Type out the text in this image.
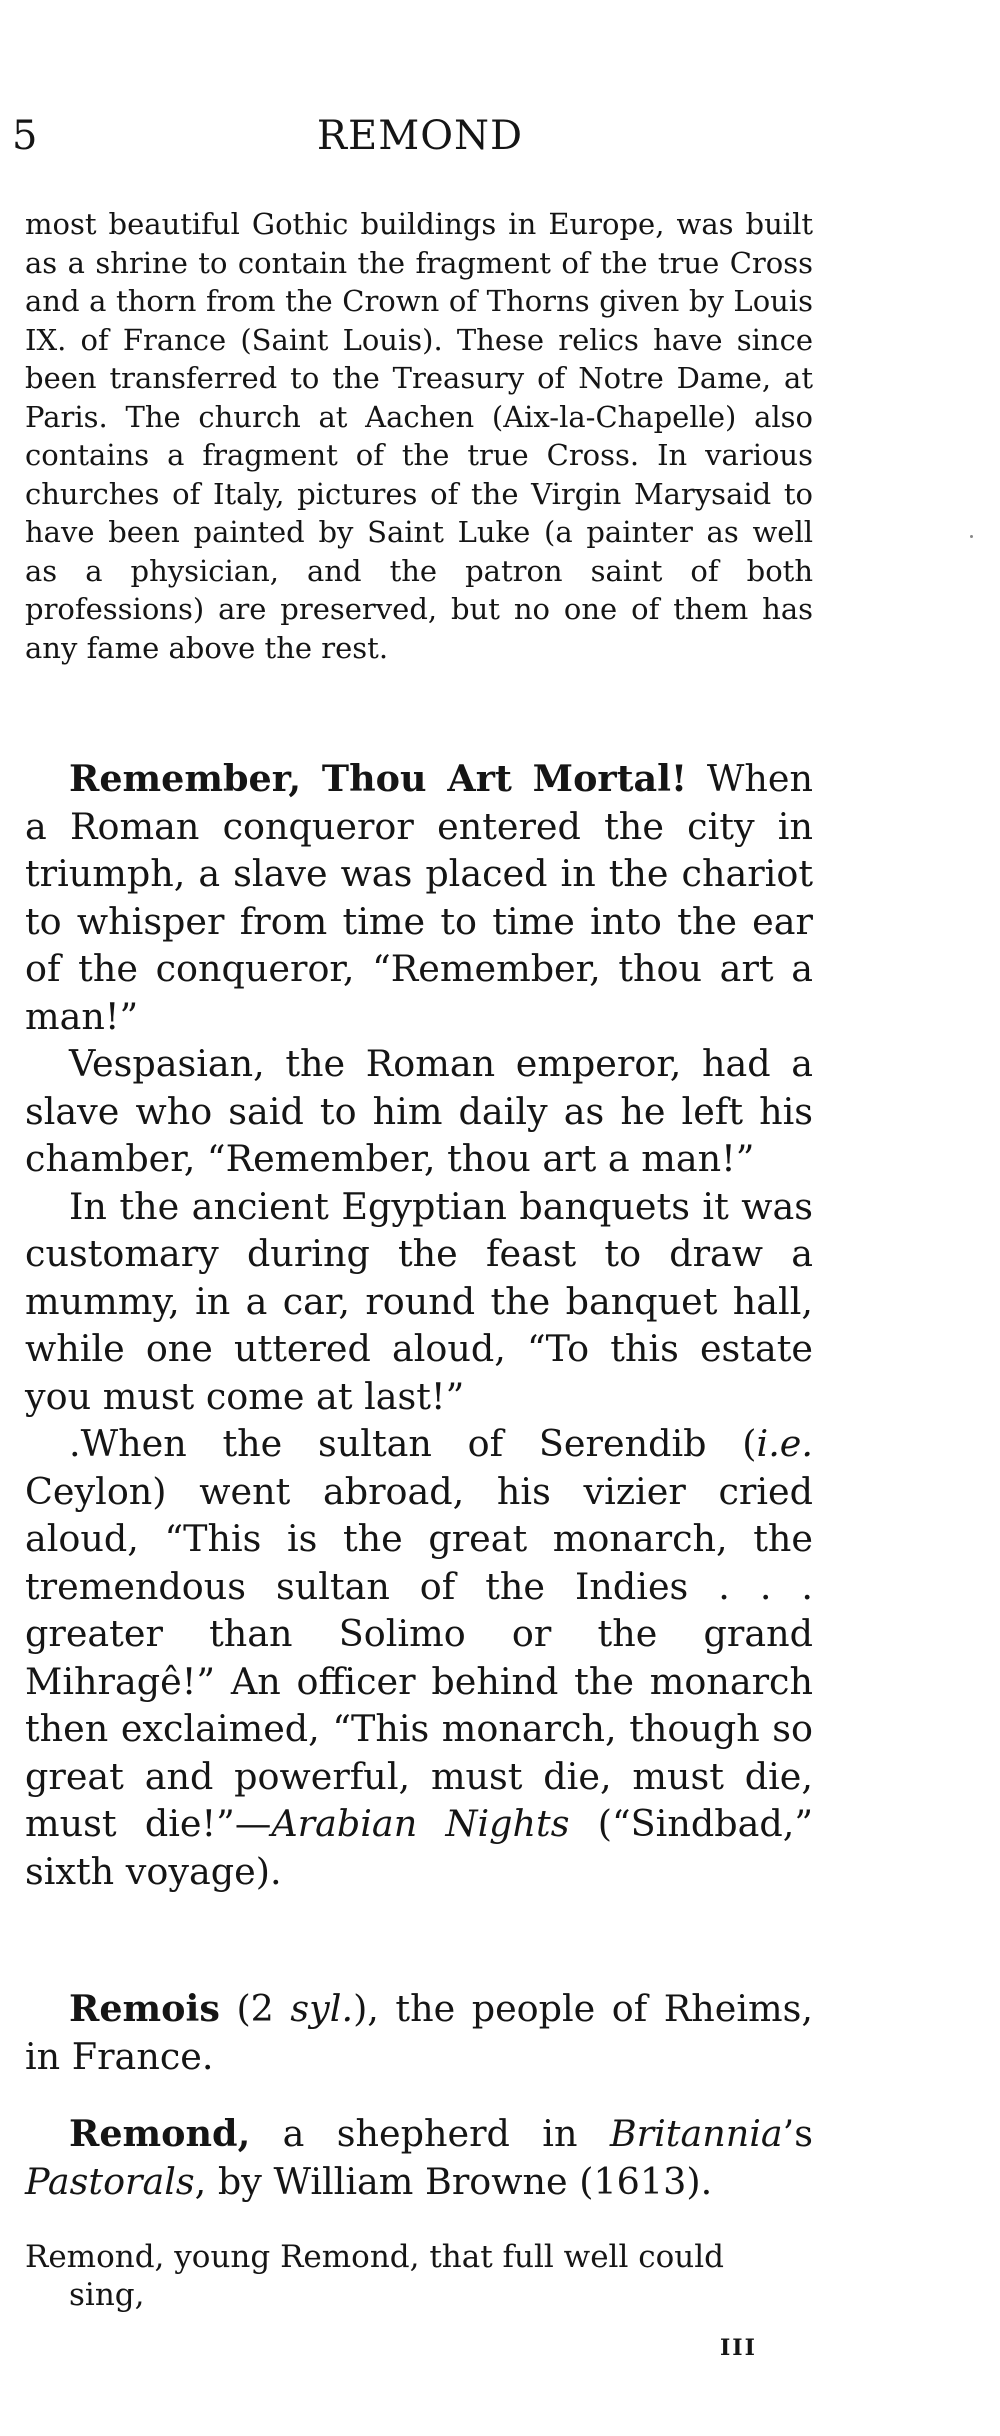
5	REMOND
most beautiful Gothic buildings in Europe, was built as a shrine to contain the fragment of the true Cross and a thorn from the Crown of Thorns given by Louis IX. of France (Saint Louis). These relics have since been transferred to the Treasury of Notre Dame, at Paris. The church at Aachen (Aix-la-Chapelle) also contains a fragment of the true Cross. In various churches of Italy, pictures of the Virgin Marysaid to have been painted by Saint Luke (a painter as well as a physician, and the patron saint of both professions) are preserved, but no one of them has any fame above the rest.

Remember, Thou Art Mortal! When a Roman conqueror entered the city in triumph, a slave was placed in the chariot to whisper from time to time into the ear of the conqueror, “Remember, thou art a man!”

Vespasian, the Roman emperor, had a slave who said to him daily as he left his chamber, “Remember, thou art a man!”

In the ancient Egyptian banquets it was customary during the feast to draw a mummy, in a car, round the banquet hall, while one uttered aloud, “To this estate you must come at last!”

.When the sultan of Serendib (i.e. Ceylon) went abroad, his vizier cried aloud, “This is the great monarch, the tremendous sultan of the Indies . . . greater than Solimo or the grand Mihragê!” An officer behind the monarch then exclaimed, “This monarch, though so great and powerful, must die, must die, must die!”—Arabian Nights (“Sindbad,” sixth voyage).

Remois (2 syl.), the people of Rheims, in France.

Remond, a shepherd in Britannia’s Pastorals, by William Browne (1613).

Remond, young Remond, that full well could
sing,
III
